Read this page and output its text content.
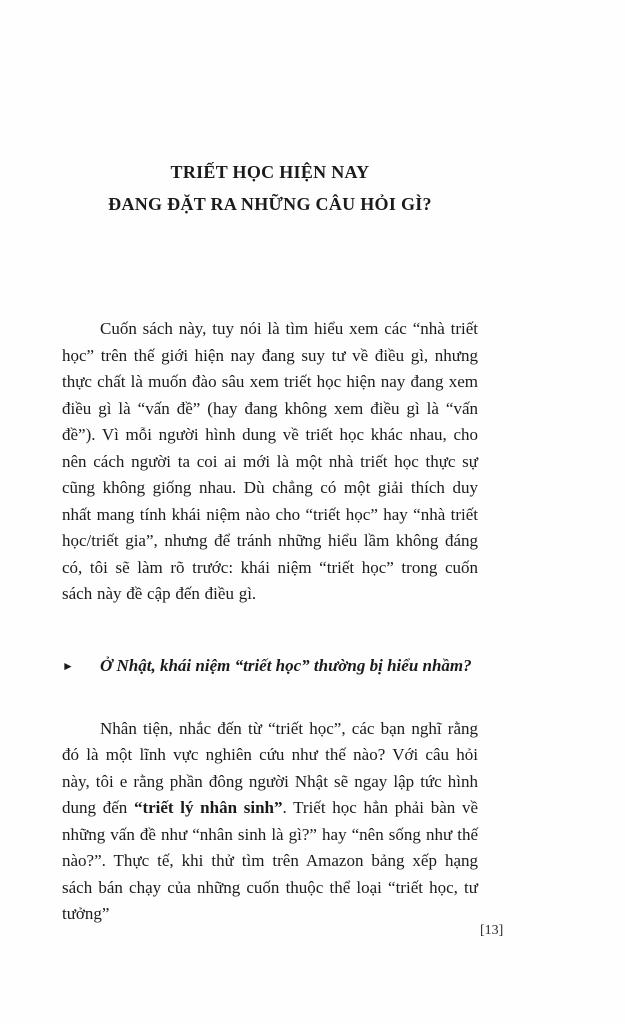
TRIẾT HỌC HIỆN NAY
ĐANG ĐẶT RA NHỮNG CÂU HỎI GÌ?

Cuốn sách này, tuy nói là tìm hiểu xem các “nhà triết học” trên thế giới hiện nay đang suy tư về điều gì, nhưng thực chất là muốn đào sâu xem triết học hiện nay đang xem điều gì là “vấn đề” (hay đang không xem điều gì là “vấn đề”). Vì mỗi người hình dung về triết học khác nhau, cho nên cách người ta coi ai mới là một nhà triết học thực sự cũng không giống nhau. Dù chẳng có một giải thích duy nhất mang tính khái niệm nào cho “triết học” hay “nhà triết học/triết gia”, nhưng để tránh những hiểu lầm không đáng có, tôi sẽ làm rõ trước: khái niệm “triết học” trong cuốn sách này đề cập đến điều gì.

►	Ở Nhật, khái niệm “triết học” thường bị hiểu nhầm?

Nhân tiện, nhắc đến từ “triết học”, các bạn nghĩ rằng đó là một lĩnh vực nghiên cứu như thế nào? Với câu hỏi này, tôi e rằng phần đông người Nhật sẽ ngay lập tức hình dung đến “triết lý nhân sinh”. Triết học hẳn phải bàn về những vấn đề như “nhân sinh là gì?” hay “nên sống như thế nào?”. Thực tế, khi thử tìm trên Amazon bảng xếp hạng sách bán chạy của những cuốn thuộc thể loại “triết học, tư tưởng”

[13]
